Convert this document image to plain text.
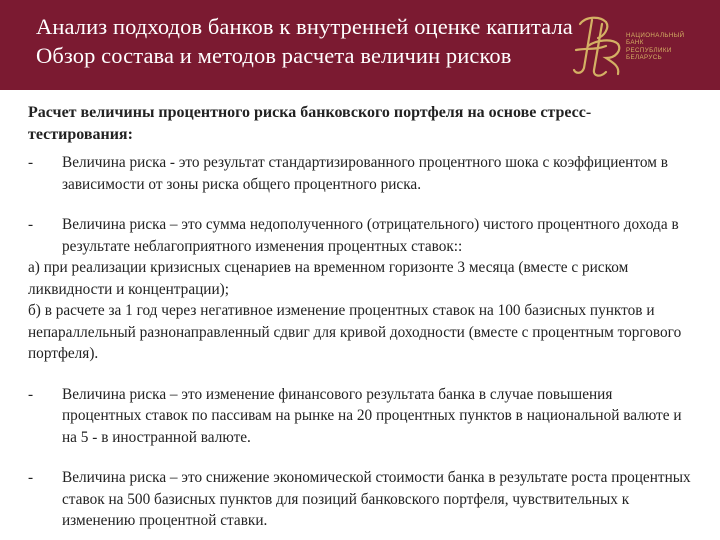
Анализ подходов банков к внутренней оценке капитала
Обзор состава и методов расчета величин рисков
НАЦИОНАЛЬНЫЙ
БАНК
РЕСПУБЛИКИ
БЕЛАРУСЬ

Расчет величины процентного риска банковского портфеля на основе стресс-тестирования:

- Величина риска - это результат стандартизированного процентного шока с коэффициентом в зависимости от зоны риска общего процентного риска.
- Величина риска – это сумма недополученного (отрицательного) чистого процентного дохода в результате неблагоприятного изменения процентных ставок::

а) при реализации кризисных сценариев на временном горизонте 3 месяца (вместе с риском ликвидности и концентрации);

б) в расчете за 1 год через негативное изменение процентных ставок на 100 базисных пунктов и непараллельный разнонаправленный сдвиг для кривой доходности (вместе с процентным торгового портфеля).

- Величина риска – это изменение финансового результата банка в случае повышения процентных ставок по пассивам на рынке на 20 процентных пунктов в национальной валюте и на 5 - в иностранной валюте.
- Величина риска – это снижение экономической стоимости банка в результате роста процентных ставок на 500 базисных пунктов для позиций банковского портфеля, чувствительных к изменению процентной ставки.
